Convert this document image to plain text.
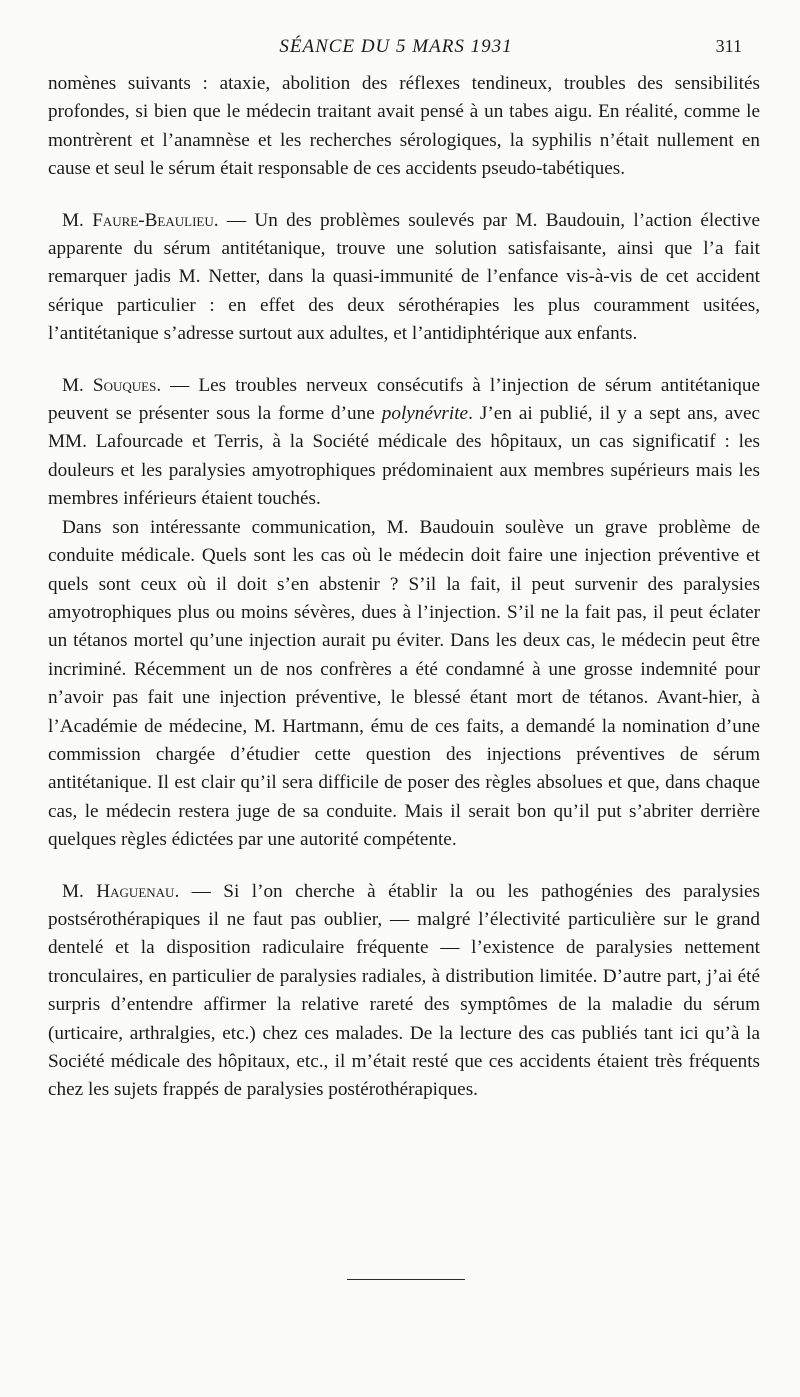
SÉANCE DU 5 MARS 1931	311

nomènes suivants : ataxie, abolition des réflexes tendineux, troubles des sensibilités profondes, si bien que le médecin traitant avait pensé à un tabes aigu. En réalité, comme le montrèrent et l’anamnèse et les recherches sérologiques, la syphilis n’était nullement en cause et seul le sérum était responsable de ces accidents pseudo-tabétiques.

M. Faure-Beaulieu. — Un des problèmes soulevés par M. Baudouin, l’action élective apparente du sérum antitétanique, trouve une solution satisfaisante, ainsi que l’a fait remarquer jadis M. Netter, dans la quasi-immunité de l’enfance vis-à-vis de cet accident sérique particulier : en effet des deux sérothérapies les plus couramment usitées, l’antitétanique s’adresse surtout aux adultes, et l’antidiphtérique aux enfants.

M. Souques. — Les troubles nerveux consécutifs à l’injection de sérum antitétanique peuvent se présenter sous la forme d’une polynévrite. J’en ai publié, il y a sept ans, avec MM. Lafourcade et Terris, à la Société médicale des hôpitaux, un cas significatif : les douleurs et les paralysies amyotrophiques prédominaient aux membres supérieurs mais les membres inférieurs étaient touchés.

Dans son intéressante communication, M. Baudouin soulève un grave problème de conduite médicale. Quels sont les cas où le médecin doit faire une injection préventive et quels sont ceux où il doit s’en abstenir ? S’il la fait, il peut survenir des paralysies amyotrophiques plus ou moins sévères, dues à l’injection. S’il ne la fait pas, il peut éclater un tétanos mortel qu’une injection aurait pu éviter. Dans les deux cas, le médecin peut être incriminé. Récemment un de nos confrères a été condamné à une grosse indemnité pour n’avoir pas fait une injection préventive, le blessé étant mort de tétanos. Avant-hier, à l’Académie de médecine, M. Hartmann, ému de ces faits, a demandé la nomination d’une commission chargée d’étudier cette question des injections préventives de sérum antitétanique. Il est clair qu’il sera difficile de poser des règles absolues et que, dans chaque cas, le médecin restera juge de sa conduite. Mais il serait bon qu’il put s’abriter derrière quelques règles édictées par une autorité compétente.

M. Haguenau. — Si l’on cherche à établir la ou les pathogénies des paralysies postsérothérapiques il ne faut pas oublier, — malgré l’électivité particulière sur le grand dentelé et la disposition radiculaire fréquente — l’existence de paralysies nettement tronculaires, en particulier de paralysies radiales, à distribution limitée. D’autre part, j’ai été surpris d’entendre affirmer la relative rareté des symptômes de la maladie du sérum (urticaire, arthralgies, etc.) chez ces malades. De la lecture des cas publiés tant ici qu’à la Société médicale des hôpitaux, etc., il m’était resté que ces accidents étaient très fréquents chez les sujets frappés de paralysies postérothérapiques.
